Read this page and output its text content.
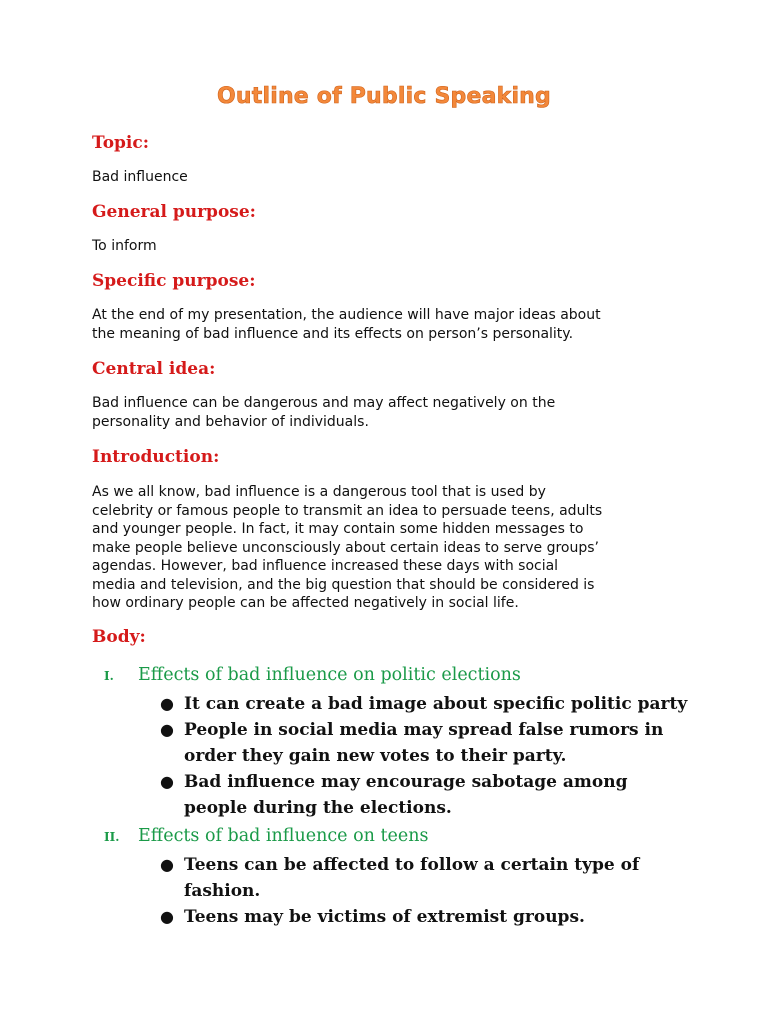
Outline of Public Speaking
Topic:

Bad influence

General purpose:

To inform

Specific purpose:

At the end of my presentation, the audience will have major ideas about
the meaning of bad influence and its effects on person’s personality.

Central idea:

Bad influence can be dangerous and may affect negatively on the
personality and behavior of individuals.

Introduction:

As we all know, bad influence is a dangerous tool that is used by
celebrity or famous people to transmit an idea to persuade teens, adults
and younger people. In fact, it may contain some hidden messages to
make people believe unconsciously about certain ideas to serve groups’
agendas. However, bad influence increased these days with social
media and television, and the big question that should be considered is
how ordinary people can be affected negatively in social life.

Body:
I. Effects of bad influence on politic elections
● It can create a bad image about specific politic party
● People in social media may spread false rumors in
order they gain new votes to their party.
● Bad influence may encourage sabotage among
people during the elections.
II. Effects of bad influence on teens
● Teens can be affected to follow a certain type of
fashion.
● Teens may be victims of extremist groups.
